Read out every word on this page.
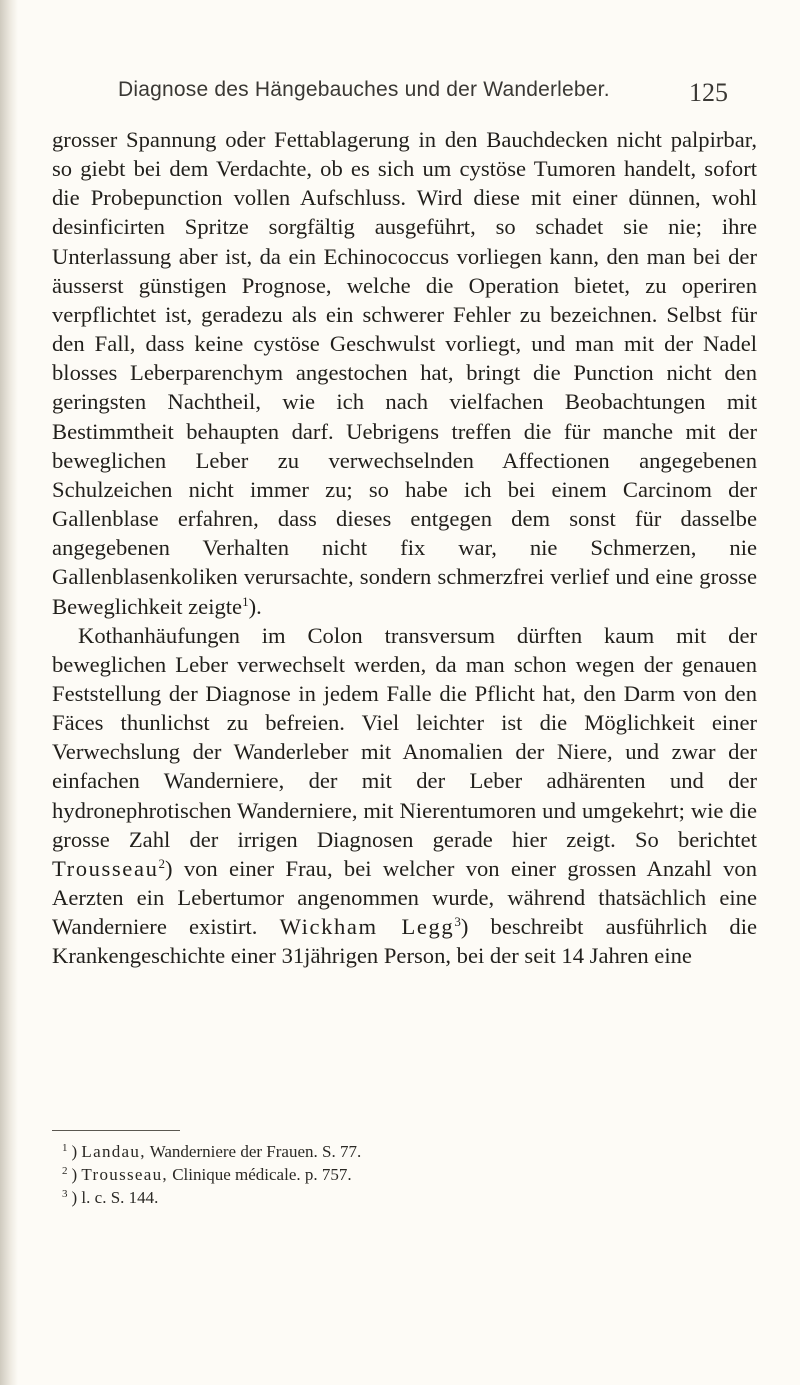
Diagnose des Hängebauches und der Wanderleber.	125

grosser Spannung oder Fettablagerung in den Bauchdecken nicht palpirbar, so giebt bei dem Verdachte, ob es sich um cystöse Tumoren handelt, sofort die Probepunction vollen Aufschluss. Wird diese mit einer dünnen, wohl desinficirten Spritze sorgfältig ausgeführt, so schadet sie nie; ihre Unterlassung aber ist, da ein Echinococcus vorliegen kann, den man bei der äusserst günstigen Prognose, welche die Operation bietet, zu operiren verpflichtet ist, geradezu als ein schwerer Fehler zu bezeichnen. Selbst für den Fall, dass keine cystöse Geschwulst vorliegt, und man mit der Nadel blosses Leberparenchym angestochen hat, bringt die Punction nicht den geringsten Nachtheil, wie ich nach vielfachen Beobachtungen mit Bestimmtheit behaupten darf. Uebrigens treffen die für manche mit der beweglichen Leber zu verwechselnden Affectionen angegebenen Schulzeichen nicht immer zu; so habe ich bei einem Carcinom der Gallenblase erfahren, dass dieses entgegen dem sonst für dasselbe angegebenen Verhalten nicht fix war, nie Schmerzen, nie Gallenblasenkoliken verursachte, sondern schmerzfrei verlief und eine grosse Beweglichkeit zeigte$^1$).

Kothanhäufungen im Colon transversum dürften kaum mit der beweglichen Leber verwechselt werden, da man schon wegen der genauen Feststellung der Diagnose in jedem Falle die Pflicht hat, den Darm von den Fäces thunlichst zu befreien. Viel leichter ist die Möglichkeit einer Verwechslung der Wanderleber mit Anomalien der Niere, und zwar der einfachen Wanderniere, der mit der Leber adhärenten und der hydronephrotischen Wanderniere, mit Nierentumoren und umgekehrt; wie die grosse Zahl der irrigen Diagnosen gerade hier zeigt. So berichtet Trousseau$^2$) von einer Frau, bei welcher von einer grossen Anzahl von Aerzten ein Lebertumor angenommen wurde, während thatsächlich eine Wanderniere existirt. Wickham Legg$^3$) beschreibt ausführlich die Krankengeschichte einer 31jährigen Person, bei der seit 14 Jahren eine

$^1$ ) Landau, Wanderniere der Frauen. S. 77.
$^2$ ) Trousseau, Clinique médicale. p. 757.
$^3$ ) l. c. S. 144.
